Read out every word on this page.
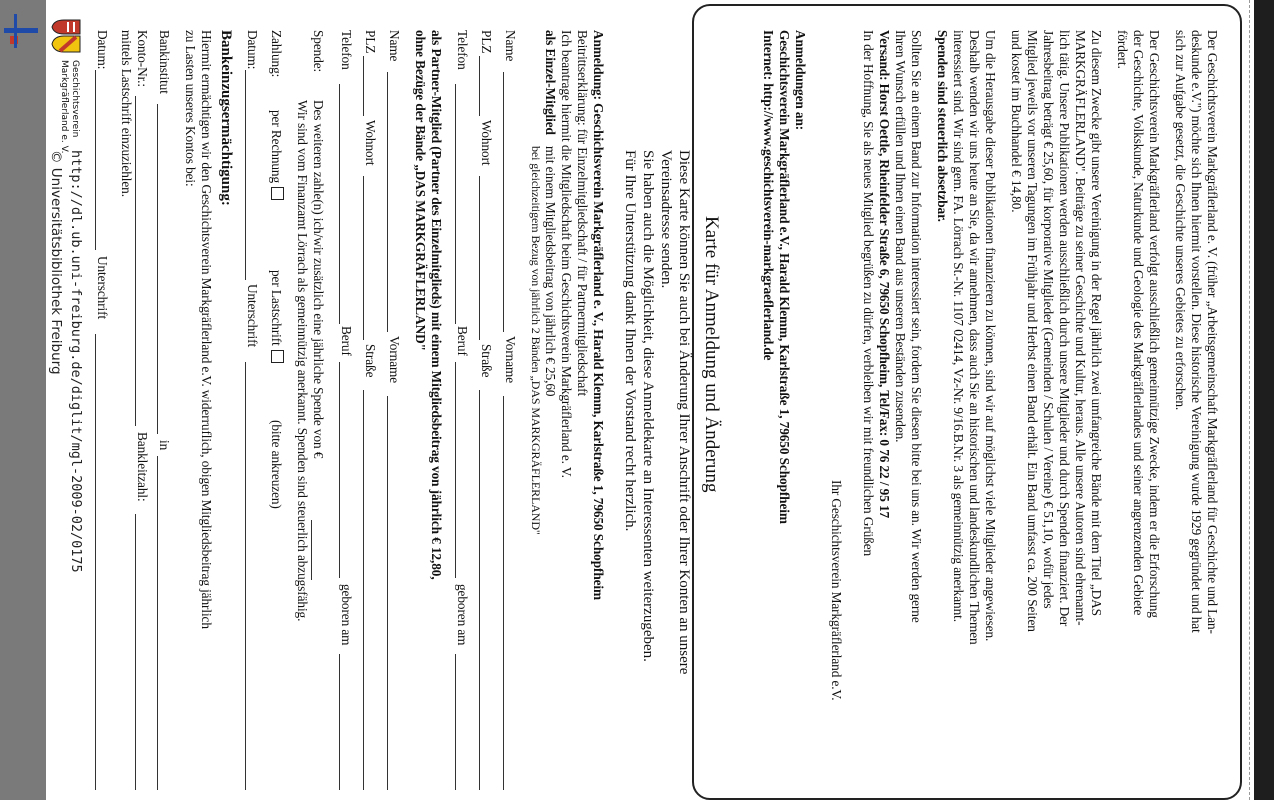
Der Geschichtsverein Markgräflerland e. V. (früher „Arbeitsgemeinschaft Markgräflerland für Geschichte und Lan-
deskunde e.V.") möchte sich Ihnen hiermit vorstellen. Diese historische Vereinigung wurde 1929 gegründet und hat
sich zur Aufgabe gesetzt, die Geschichte unseres Gebietes zu erforschen.
Der Geschichtsverein Markgräflerland verfolgt ausschließlich gemeinnützige Zwecke, indem er die Erforschung
der Geschichte, Volkskunde, Naturkunde und Geologie des Markgräflerlandes und seiner angrenzenden Gebiete
fördert.
Zu diesem Zwecke gibt unsere Vereinigung in der Regel jährlich zwei umfangreiche Bände mit dem Titel „DAS
MARKGRÄFLERLAND". Beiträge zu seiner Geschichte und Kultur, heraus. Alle unsere Autoren sind ehrenamt-
lich tätig. Unsere Publikationen werden ausschließlich durch unsere Mitglieder und durch Spenden finanziert. Der
Jahresbeitrag beträgt € 25,60, für korporative Mitglieder (Gemeinden / Schulen / Vereine) € 51,10, wofür jedes
Mitglied jeweils vor unseren Tagungen im Frühjahr und Herbst einen Band erhält. Ein Band umfasst ca. 200 Seiten
und kostet im Buchhandel € 14,80.
Um die Herausgabe dieser Publikationen finanzieren zu können, sind wir auf möglichst viele Mitglieder angewiesen.
Deshalb wenden wir uns heute an Sie, da wir annehmen, dass auch Sie an historischen und landeskundlichen Themen
interessiert sind. Wir sind gem. FA. Lörrach St.-Nr. 1107 02414, Vz-Nr. 9/16.B.Nr. 3 als gemeinnützig anerkannt.
Spenden sind steuerlich absetzbar.
Sollten Sie an einem Band zur Information interessiert sein, fordern Sie diesen bitte bei uns an. Wir werden gerne
Ihren Wunsch erfüllen und Ihnen einen Band aus unseren Beständen zusenden.
Versand: Horst Oettle, Rheinfelder Straße 6, 79650 Schopfheim, Tel/Fax: 0 76 22 / 95 17
In der Hoffnung, Sie als neues Mitglied begrüßen zu dürfen, verbleiben wir mit freundlichen Grüßen
Ihr Geschichtsverein Markgräflerland e.V.
Anmeldungen an:
Geschichtsverein Markgräflerland e.V., Harald Klemm, Karlstraße 1, 79650 Schopfheim
Internet: http://www.geschichtsverein-markgraeflerland.de
Karte für Anmeldung und Änderung
Diese Karte können Sie auch bei Änderung Ihrer Anschrift oder Ihrer Konten an unsere
Vereinsadresse senden.
Sie haben auch die Möglichkeit, diese Anmeldekarte an Interessenten weiterzugeben.
Für Ihre Unterstützung dankt Ihnen der Vorstand recht herzlich.
Anmeldung: Geschichtsverein Markgräflerland e. V., Harald Klemm, Karlstraße 1, 79650 Schopfheim
Beitrittserklärung: für Einzelmitgliedschaft / für Partnermitgliedschaft
Ich beantrage hiermit die Mitgliedschaft beim Geschichtsverein Markgräflerland e. V.
als Einzel-Mitglied
mit einem Mitgliedsbeitrag von jährlich € 25,60
bei gleichzeitigem Bezug von jährlich 2 Bänden „DAS MARKGRÄFLERLAND"
Name
Vorname
PLZ
Wohnort
Straße
Telefon
Beruf
geboren am
als Partner-Mitglied (Partner des Einzelmitglieds) mit einem Mitgliedsbeitrag von jährlich € 12,80,
ohne Bezüge der Bände „DAS MARKGRÄFLERLAND"
Name
Vorname
PLZ
Wohnort
Straße
Telefon
Beruf
geboren am
Spende:
Des weiteren zahle(n) ich/wir zusätzlich eine jährliche Spende von €
Wir sind vom Finanzamt Lörrach als gemeinnützig anerkannt. Spenden sind steuerlich abzugsfähig.
Zahlung:
per Rechnung
per Lastschrift
(bitte ankreuzen)
Datum:
Unterschrift
Bankeinzugsermächtigung:
Hiermit ermächtigen wir den Geschichtsverein Markgräflerland e.V. widerruflich, obigen Mitgliedsbeitrag jährlich
zu Lasten unseres Kontos bei:
Bankinstitut
in
Konto-Nr.:
Bankleitzahl:
mittels Lastschrift einzuziehlen.
Datum:
Unterschrift
http://dl.ub.uni-freiburg.de/diglit/mgl-2009-02/0175
© Universitätsbibliothek Freiburg
Geschichtsverein
Markgräflerland e. V.
